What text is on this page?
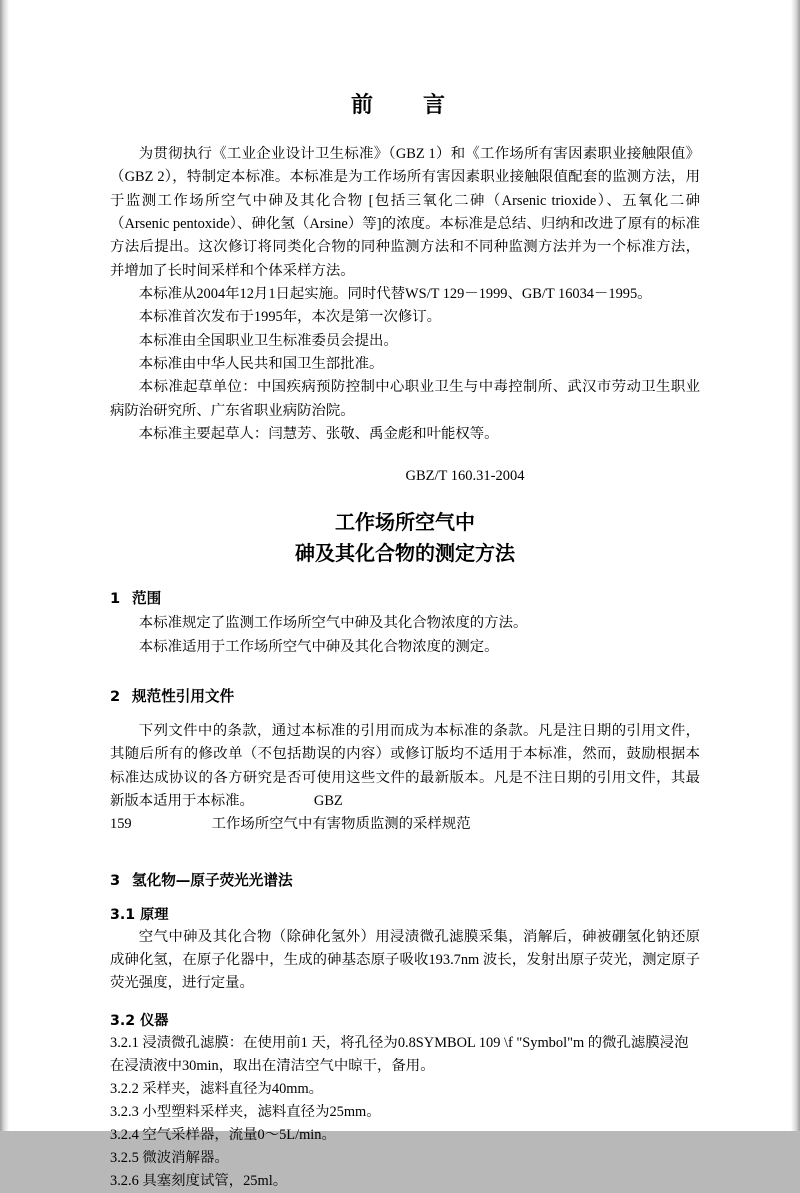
前　言

为贯彻执行《工业企业设计卫生标准》（GBZ 1）和《工作场所有害因素职业接触限值》（GBZ 2），特制定本标准。本标准是为工作场所有害因素职业接触限值配套的监测方法，用于监测工作场所空气中砷及其化合物 [包括三氧化二砷（Arsenic trioxide）、五氧化二砷（Arsenic pentoxide）、砷化氢（Arsine）等]的浓度。本标准是总结、归纳和改进了原有的标准方法后提出。这次修订将同类化合物的同种监测方法和不同种监测方法并为一个标准方法，并增加了长时间采样和个体采样方法。

本标准从2004年12月1日起实施。同时代替WS/T 129－1999、GB/T 16034－1995。

本标准首次发布于1995年，本次是第一次修订。

本标准由全国职业卫生标准委员会提出。

本标准由中华人民共和国卫生部批准。

本标准起草单位：中国疾病预防控制中心职业卫生与中毒控制所、武汉市劳动卫生职业病防治研究所、广东省职业病防治院。

本标准主要起草人：闫慧芳、张敬、禹金彪和叶能权等。

GBZ/T 160.31-2004

工作场所空气中
砷及其化合物的测定方法
1 范围

本标准规定了监测工作场所空气中砷及其化合物浓度的方法。

本标准适用于工作场所空气中砷及其化合物浓度的测定。

2 规范性引用文件

下列文件中的条款，通过本标准的引用而成为本标准的条款。凡是注日期的引用文件，其随后所有的修改单（不包括勘误的内容）或修订版均不适用于本标准，然而，鼓励根据本标准达成协议的各方研究是否可使用这些文件的最新版本。凡是不注日期的引用文件，其最新版本适用于本标准。	GBZ

159	工作场所空气中有害物质监测的采样规范

3 氢化物—原子荧光光谱法
3.1 原理

空气中砷及其化合物（除砷化氢外）用浸渍微孔滤膜采集，消解后，砷被硼氢化钠还原成砷化氢，在原子化器中，生成的砷基态原子吸收193.7nm 波长，发射出原子荧光，测定原子荧光强度，进行定量。

3.2 仪器

3.2.1 浸渍微孔滤膜：在使用前1 天，将孔径为0.8SYMBOL 109 \f "Symbol"m 的微孔滤膜浸泡在浸渍液中30min，取出在清洁空气中晾干，备用。

3.2.2 采样夹，滤料直径为40mm。

3.2.3 小型塑料采样夹，滤料直径为25mm。

3.2.4 空气采样器，流量0～5L/min。

3.2.5 微波消解器。

3.2.6 具塞刻度试管，25ml。
